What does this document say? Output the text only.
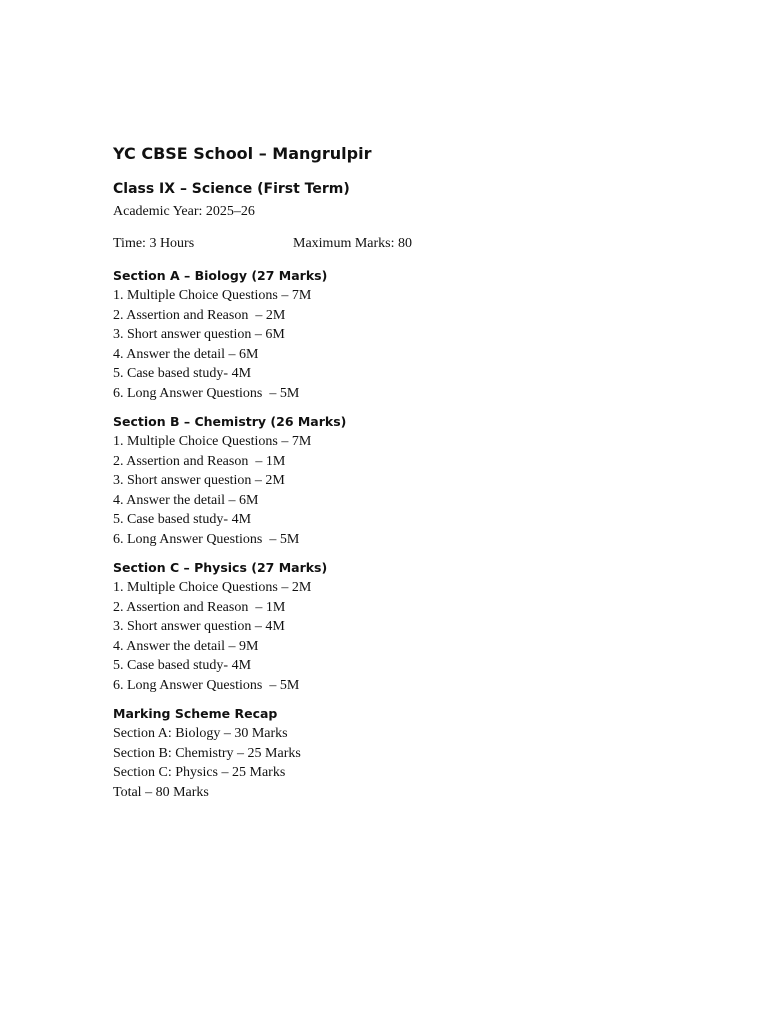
YC CBSE School – Mangrulpir
Class IX – Science (First Term)
Academic Year: 2025–26
Time: 3 Hours	Maximum Marks: 80
Section A – Biology (27 Marks)
1. Multiple Choice Questions – 7M
2. Assertion and Reason  – 2M
3. Short answer question – 6M
4. Answer the detail – 6M
5. Case based study- 4M
6. Long Answer Questions  – 5M
Section B – Chemistry (26 Marks)
1. Multiple Choice Questions – 7M
2. Assertion and Reason  – 1M
3. Short answer question – 2M
4. Answer the detail – 6M
5. Case based study- 4M
6. Long Answer Questions  – 5M
Section C – Physics (27 Marks)
1. Multiple Choice Questions – 2M
2. Assertion and Reason  – 1M
3. Short answer question – 4M
4. Answer the detail – 9M
5. Case based study- 4M
6. Long Answer Questions  – 5M
Marking Scheme Recap
Section A: Biology – 30 Marks
Section B: Chemistry – 25 Marks
Section C: Physics – 25 Marks
Total – 80 Marks
